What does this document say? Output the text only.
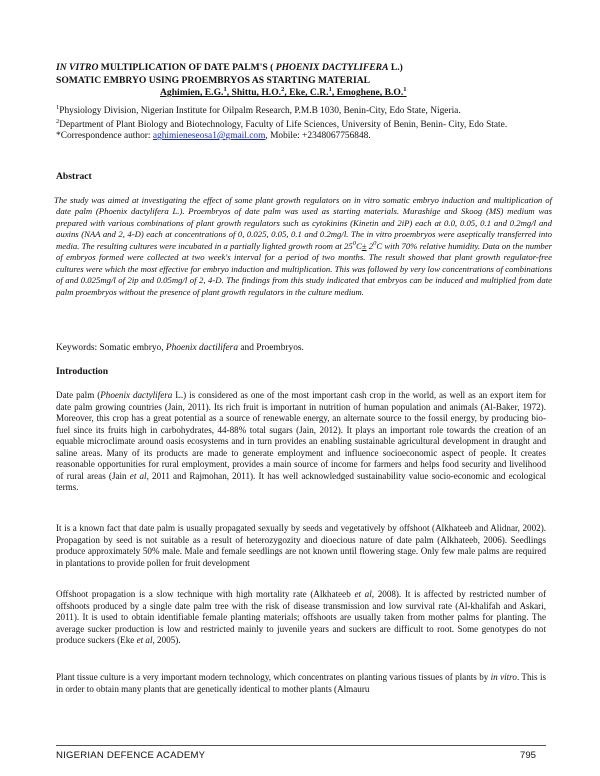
IN VITRO MULTIPLICATION OF DATE PALM'S ( PHOENIX DACTYLIFERA L.)
SOMATIC EMBRYO USING PROEMBRYOS AS STARTING MATERIAL
Aghimien, E.G.$^1$, Shittu, H.O.$^2$, Eke, C.R.$^1$, Emoghene, B.O.$^1$

$^1$Physiology Division, Nigerian Institute for Oilpalm Research, P.M.B 1030, Benin-City, Edo State, Nigeria.

$^2$Department of Plant Biology and Biotechnology, Faculty of Life Sciences, University of Benin, Benin- City, Edo State.

*Correspondence author: aghimieneseosa1@gmail.com, Mobile: +2348067756848.

Abstract

The study was aimed at investigating the effect of some plant growth regulators on in vitro somatic embryo induction and multiplication of date palm (Phoenix dactylifera L.). Proembryos of date palm was used as starting materials. Murashige and Skoog (MS) medium was prepared with various combinations of plant growth regulators such as cytokinins (Kinetin and 2iP) each at 0.0, 0.05, 0.1 and 0.2mg/l and auxins (NAA and 2, 4-D) each at concentrations of 0, 0.025, 0.05, 0.1 and 0.2mg/l. The in vitro proembryos were aseptically transferred into media. The resulting cultures were incubated in a partially lighted growth room at $25^0C\pm 2^0C$ with 70% relative humidity. Data on the number of embryos formed were collected at two week's interval for a period of two months. The result showed that plant growth regulator-free cultures were which the most effective for embryo induction and multiplication. This was followed by very low concentrations of combinations of and 0.025mg/l of 2ip and 0.05mg/l of 2, 4-D. The findings from this study indicated that embryos can be induced and multiplied from date palm proembryos without the presence of plant growth regulators in the culture medium.

Keywords: Somatic embryo, Phoenix dactilifera and Proembryos.

Introduction

Date palm (Phoenix dactylifera L.) is considered as one of the most important cash crop in the world, as well as an export item for date palm growing countries (Jain, 2011). Its rich fruit is important in nutrition of human population and animals (Al-Baker, 1972). Moreover, this crop has a great potential as a source of renewable energy, an alternate source to the fossil energy, by producing bio-fuel since its fruits high in carbohydrates, 44-88% total sugars (Jain, 2012). It plays an important role towards the creation of an equable microclimate around oasis ecosystems and in turn provides an enabling sustainable agricultural development in draught and saline areas. Many of its products are made to generate employment and influence socioeconomic aspect of people. It creates reasonable opportunities for rural employment, provides a main source of income for farmers and helps food security and livelihood of rural areas (Jain et al, 2011 and Rajmohan, 2011). It has well acknowledged sustainability value socio-economic and ecological terms.

It is a known fact that date palm is usually propagated sexually by seeds and vegetatively by offshoot (Alkhateeb and Alidnar, 2002). Propagation by seed is not suitable as a result of heterozygozity and dioecious nature of date palm (Alkhateeb, 2006). Seedlings produce approximately 50% male. Male and female seedlings are not known until flowering stage. Only few male palms are required in plantations to provide pollen for fruit development

Offshoot propagation is a slow technique with high mortality rate (Alkhateeb et al, 2008). It is affected by restricted number of offshoots produced by a single date palm tree with the risk of disease transmission and low survival rate (Al-khalifah and Askari, 2011). It is used to obtain identifiable female planting materials; offshoots are usually taken from mother palms for planting. The average sucker production is low and restricted mainly to juvenile years and suckers are difficult to root. Some genotypes do not produce suckers (Eke et al, 2005).

Plant tissue culture is a very important modern technology, which concentrates on planting various tissues of plants by in vitro. This is in order to obtain many plants that are genetically identical to mother plants (Almauru

NIGERIAN DEFENCE ACADEMY	795
